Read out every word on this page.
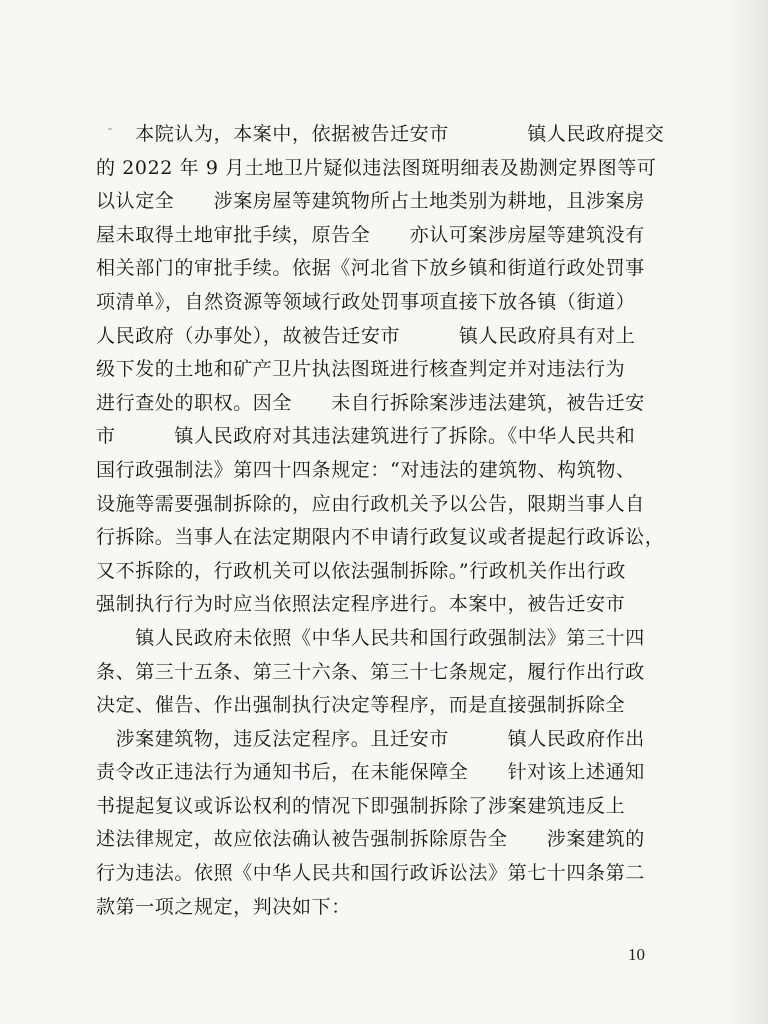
　　本院认为，本案中，依据被告迁安市　　　　镇人民政府提交
的 2022 年 9 月土地卫片疑似违法图斑明细表及勘测定界图等可
以认定全　　涉案房屋等建筑物所占土地类别为耕地，且涉案房
屋未取得土地审批手续，原告全　　亦认可案涉房屋等建筑没有
相关部门的审批手续。依据《河北省下放乡镇和街道行政处罚事
项清单》，自然资源等领域行政处罚事项直接下放各镇（街道）
人民政府（办事处），故被告迁安市　　　镇人民政府具有对上
级下发的土地和矿产卫片执法图斑进行核查判定并对违法行为
进行查处的职权。因全　　未自行拆除案涉违法建筑，被告迁安
市　　　镇人民政府对其违法建筑进行了拆除。《中华人民共和
国行政强制法》第四十四条规定：“对违法的建筑物、构筑物、
设施等需要强制拆除的，应由行政机关予以公告，限期当事人自
行拆除。当事人在法定期限内不申请行政复议或者提起行政诉讼，
又不拆除的，行政机关可以依法强制拆除。”行政机关作出行政
强制执行行为时应当依照法定程序进行。本案中，被告迁安市
　　镇人民政府未依照《中华人民共和国行政强制法》第三十四
条、第三十五条、第三十六条、第三十七条规定，履行作出行政
决定、催告、作出强制执行决定等程序，而是直接强制拆除全
　涉案建筑物，违反法定程序。且迁安市　　　镇人民政府作出
责令改正违法行为通知书后，在未能保障全　　针对该上述通知
书提起复议或诉讼权利的情况下即强制拆除了涉案建筑违反上
述法律规定，故应依法确认被告强制拆除原告全　　涉案建筑的
行为违法。依照《中华人民共和国行政诉讼法》第七十四条第二
款第一项之规定，判决如下：
10
